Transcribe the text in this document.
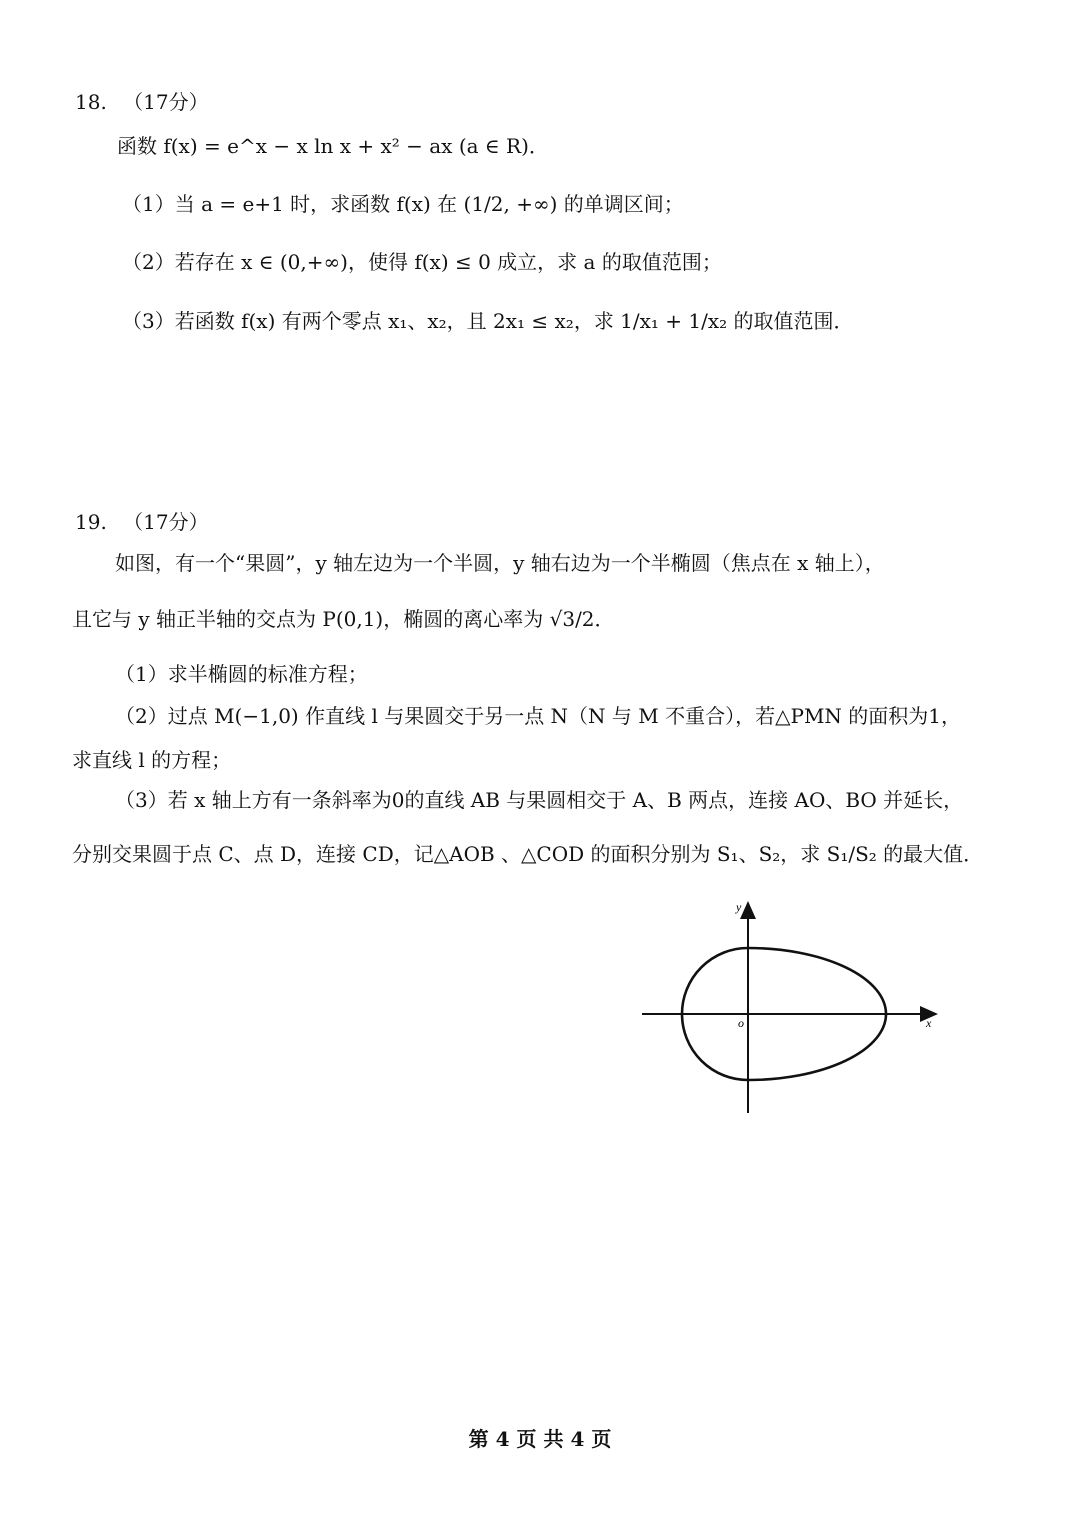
18. （17分）
函数 f(x) = e^x − x ln x + x² − ax (a ∈ R)．
（1）当 a = e+1 时，求函数 f(x) 在 (1/2, +∞) 的单调区间；
（2）若存在 x ∈ (0,+∞)，使得 f(x) ≤ 0 成立，求 a 的取值范围；
（3）若函数 f(x) 有两个零点 x₁、x₂，且 2x₁ ≤ x₂，求 1/x₁ + 1/x₂ 的取值范围．
19. （17分）
如图，有一个“果圆”，y 轴左边为一个半圆，y 轴右边为一个半椭圆（焦点在 x 轴上），
且它与 y 轴正半轴的交点为 P(0,1)，椭圆的离心率为 √3/2．
（1）求半椭圆的标准方程；
（2）过点 M(−1,0) 作直线 l 与果圆交于另一点 N（N 与 M 不重合），若△PMN 的面积为1，
求直线 l 的方程；
（3）若 x 轴上方有一条斜率为0的直线 AB 与果圆相交于 A、B 两点，连接 AO、BO 并延长，
分别交果圆于点 C、点 D，连接 CD，记△AOB 、△COD 的面积分别为 S₁、S₂，求 S₁/S₂ 的最大值．
y
x
o
第 4 页 共 4 页
